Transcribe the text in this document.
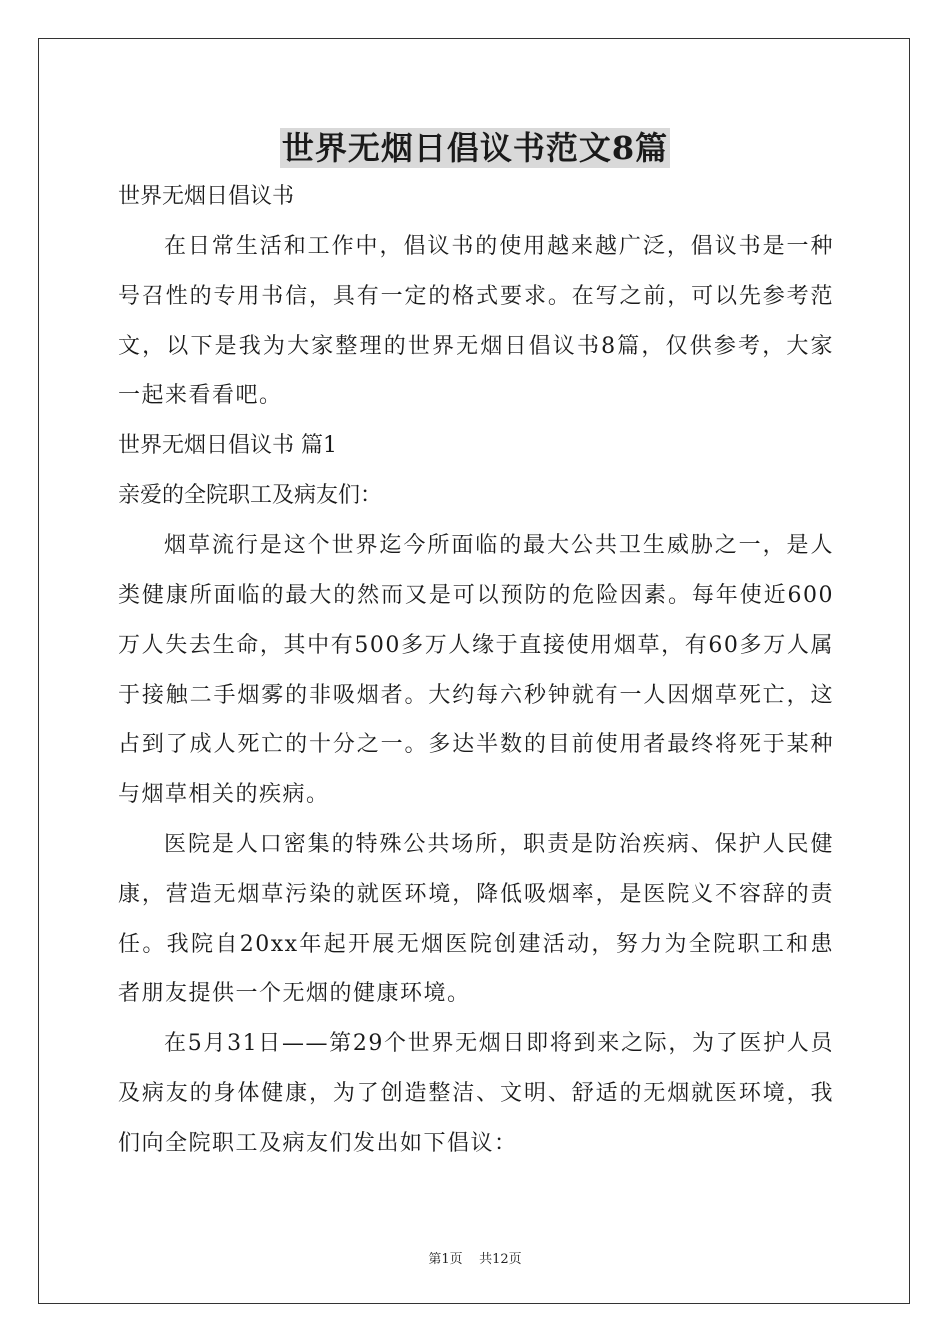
世界无烟日倡议书范文8篇
世界无烟日倡议书

在日常生活和工作中，倡议书的使用越来越广泛，倡议书是一种号召性的专用书信，具有一定的格式要求。在写之前，可以先参考范文，以下是我为大家整理的世界无烟日倡议书8篇，仅供参考，大家一起来看看吧。

世界无烟日倡议书 篇1
亲爱的全院职工及病友们：

烟草流行是这个世界迄今所面临的最大公共卫生威胁之一，是人类健康所面临的最大的然而又是可以预防的危险因素。每年使近600万人失去生命，其中有500多万人缘于直接使用烟草，有60多万人属于接触二手烟雾的非吸烟者。大约每六秒钟就有一人因烟草死亡，这占到了成人死亡的十分之一。多达半数的目前使用者最终将死于某种与烟草相关的疾病。

医院是人口密集的特殊公共场所，职责是防治疾病、保护人民健康，营造无烟草污染的就医环境，降低吸烟率，是医院义不容辞的责任。我院自20xx年起开展无烟医院创建活动，努力为全院职工和患者朋友提供一个无烟的健康环境。

在5月31日——第29个世界无烟日即将到来之际，为了医护人员及病友的身体健康，为了创造整洁、文明、舒适的无烟就医环境，我们向全院职工及病友们发出如下倡议：

第1页    共12页
